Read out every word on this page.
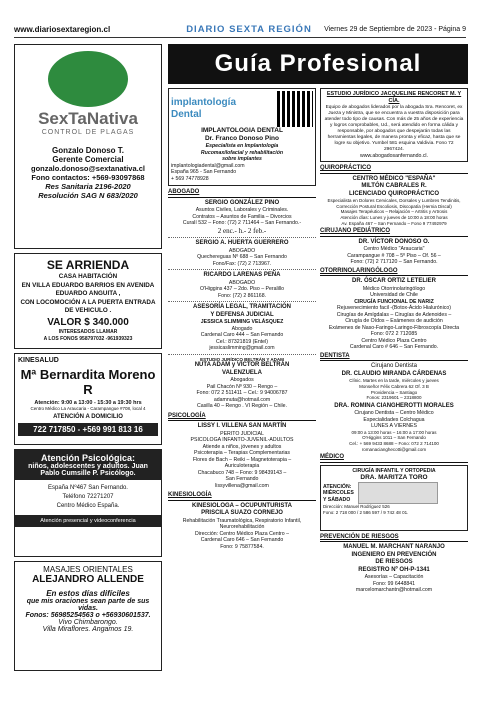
www.diariosextaregion.cl	DIARIO SEXTA REGIÓN	Viernes 29 de Septiembre de 2023 - Página 9
SexTaNativa
CONTROL DE PLAGAS
Gonzalo Donoso T.
Gerente Comercial
gonzalo.donoso@sextanativa.cl
Fono contactos: +569-93097868
Res Sanitaria 2196-2020
Resolución SAG N 683/2020
SE ARRIENDA
CASA HABITACIÓN
EN VILLA EDUARDO BARRIOS EN AVENIDA EDUARDO ANGUITA ,
CON LOCOMOCIÓN A LA PUERTA ENTRADA DE VEHICULO .
VALOR $ 340.000
INTERESADOS LLAMAR
A LOS FONOS 958797032 -961939323
KINESALUD
Mª Bernardita Moreno R
Atención: 9:00 a 13:00 - 15:30 a 19:30 hrs
Centro Médico La Araucaria - Carampangue #708, local 4
ATENCIÓN A DOMICILIO
722 717850 - +569 991 813 16
Atención Psicológica:
niños, adolescentes y adultos. Juan Pablo Cumsille P. Psicólogo.
España Nº467 San Fernando.
Teléfono 72271207
Centro Médico España.
Atención presencial y videoconferencia
MASAJES ORIENTALES
ALEJANDRO ALLENDE
En estos días difíciles
que mis oraciones sean parte de sus vidas.
Fonos: 56985254563 o +56930601537.
Vivo Chimbarongo.
Villa Miraflores. Angamos 19.
Guía Profesional
implantología Dental
IMPLANTOLOGIA DENTAL
Dr. Franco Donoso Pino
Especialista en Implantología
Rucomaxilofacial y rehabilitación
sobre implantes
implantologiadental@gmail.com
España 965 - San Fernando
+ 569 74778928
ABOGADO
SERGIO GONZÁLEZ PINO
Asuntos Civiles, Laborales y Criminales.
Contratos – Asuntos de Familia – Divorcios
Curalí 532 – Fono: (72) 2 711464 – San Fernando.-
2 enc.- h.- 2 feb.-
SERGIO A. HUERTA GUERRERO
ABOGADO
Quechereguas Nº 688 – San Fernando
Fono/Fax: (72) 2 713967.
RICARDO LARENAS PEÑA
ABOGADO
O'Higgins 437 – 2do. Piso – Peralillo
Fono: (72) 2 861168.
ASESORÍA LEGAL, TRAMITACIÓN
Y DEFENSA JUDICIAL
JESSICA SLIMMING VELÁSQUEZ
Abogado
Cardenal Caro 444 – San Fernando
Cel.: 87321819 (Entel)
jessicaslimming@gmail.com
ESTUDIO JURÍDICO BELTRÁN Y ADAM
NUTA ADAM y VÍCTOR BELTRÁN
VALENZUELA
Abogados
Pail Chacón Nº 930 – Rengo –
Fono: 072 2 511411 – Cel.: 9 94006787
adamnuta@hotmail.com
Casilla 40 – Rengo . VI Región – Chile.
PSICOLOGÍA
LISSY I. VILLENA SAN MARTÍN
PERITO JUDICIAL
PSICOLOGA INFANTO-JUVENIL-ADULTOS
Atiende a niños, jóvenes y adultos
Psicoterapia – Terapias Complementarias
Flores de Bach – Reiki – Magnetoterapia –
Auriculoterapia
Chacabuco 748 – Fono: 9 98439143 –
San Fernando
lissyvillena@gmail.com
KINESIOLOGÍA
KINESIOLOGA – OCUPUNTURISTA
PRISCILA SUAZO CORNEJO
Rehabilitación Traumatológica, Respiratorio Infantil, Neurorehabilitación
Dirección: Centro Médico Plaza Centro –
Cardenal Caro 646 – San Fernando
Fono: 9 75877584.
ESTUDIO JURÍDICO JACQUELINE RENCORET M. Y CÍA.
Equipo de abogados liderados por la abogada Sra. Rencoret, ex Jueza y Ministra, que se encuentra a vuestra disposición para atender todo tipo de causas. Con más de 25 años de experiencia y logros comprobables, Ud., será atendido en forma cálida y responsable, por abogados que despejarán todas las herramientas legales, de manera pronta y eficaz, hasta que se logre su objetivo. Yumbel 581 esquina Valdivia. Fono 72 2967424.
www.abogadosanfernando.cl.
QUIROPRÁCTICO
CENTRO MÉDICO "ESPAÑA"
MILTÓN CABRALES R.
LICENCIADO QUIROPRÁCTICO
Especialista en Dolores Cervicales, Dorsales y Lumbres Tendinitis, Corrección Postural Escoliosis, Discopatía (Hernia Discal)
Masajes Terapéuticos – Relajación – Artritis y Artrosis
Atención días: Lunes y jueves de 10:00 a 18:00 horas
Av. España 467 – San Fernando – Fono 9 77492979
CIRUJANO PEDIÁTRICO
DR. VÍCTOR DONOSO O.
Centro Médico "Araucaria"
Carampangue # 708 – 5º Piso – Of. 56 –
Fono: (72) 2 717120 – San Fernando.
OTORRINOLARINGÓLOGO
DR. ÓSCAR ORTIZ LETELIER
Médico Otorrinolaringólogo
Universidad de Chile
CIRUGÍA FUNCIONAL DE NARIZ
Rejuvenecimiento facil -(Botox-Ácido Hialurónico)
Cirugías de Amígdalas – Cirugías de Adenoides –
Cirugía de Oídos – Exámenes de audición
Exámenes de Naso-Faringo-Laringo-Fibroscopía Directa
Fono: 072 2 712085
Centro Médico Plaza Centro
Cardenal Caro # 646 – San Fernando.
DENTISTA
Cirujano Dentista
DR. CLAUDIO MIRANDA CÁRDENAS
Clínic. Martes en la tarde, miércoles y jueves
Monseñor Félix Cabrera 62 Of. 3 B
Providencia – Santiago
Fonos: 2319601 – 2318800
DRA. ROMINA CIANGHEROTTI MORALES
Cirujano Dentista – Centro Médico
Especialidades Colchagua
LUNES A VIERNES
09:00 a 13:00 horas – 16:00 a 17:00 horas
O'Higgins 1011 – San Fernando
Cel.: + 569 9433 8688 – Fono: 072 2 714100
romanacianghecotti@gmail.com
MÉDICO
CIRUGÍA INFANTIL Y ORTOPEDIA
DRA. MARITZA TORO
ATENCIÓN:
MIÉRCOLES
Y SÁBADO
Dirección: Manuel Rodríguez 526
Fono: 2 718 000 / 2 586 597 / 9 742 48 01.
PREVENCIÓN DE RIESGOS
MANUEL M. MARCHANT NARANJO
INGENIERO EN PREVENCIÓN
DE RIESGOS
REGISTRO Nº OH-P-1341
Asesorías – Capacitación
Fono: 99 6448841
marcelomarchantn@hotmail.com
